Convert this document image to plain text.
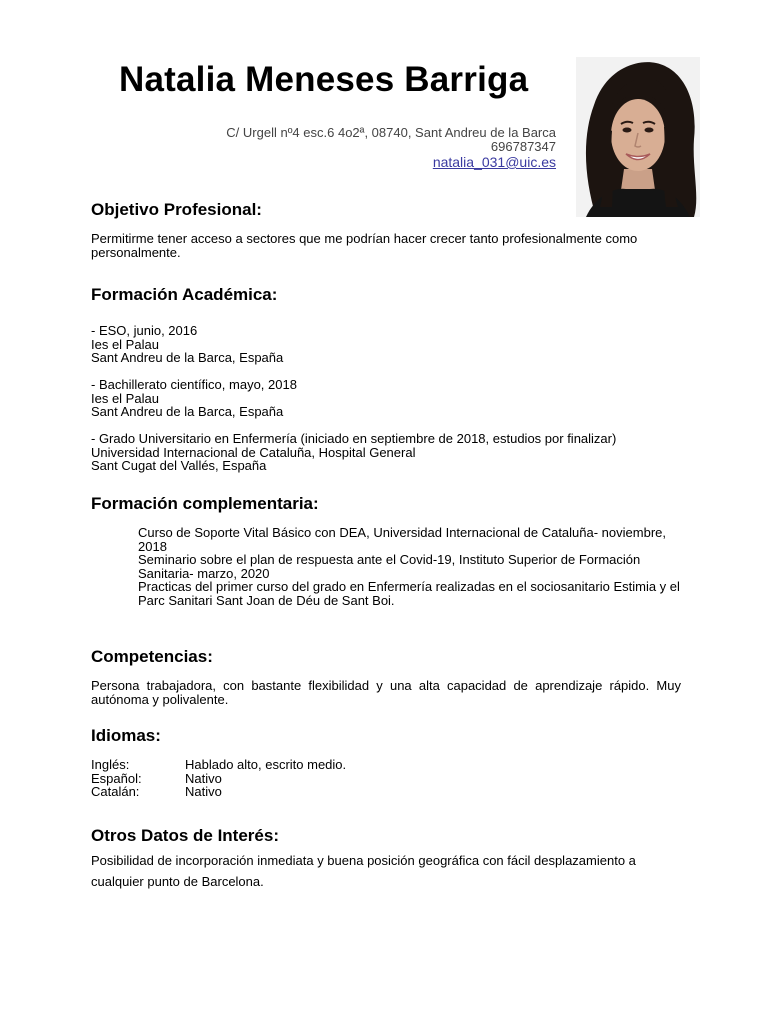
Natalia Meneses Barriga
C/ Urgell nº4 esc.6 4o2ª, 08740, Sant Andreu de la Barca
696787347
natalia_031@uic.es
Objetivo Profesional:
Permitirme tener acceso a sectores que me podrían hacer crecer tanto profesionalmente como personalmente.
Formación Académica:
- ESO, junio, 2016
Ies el Palau
Sant Andreu de la Barca, España
- Bachillerato científico, mayo, 2018
Ies el Palau
Sant Andreu de la Barca, España
- Grado Universitario en Enfermería (iniciado en septiembre de 2018, estudios por finalizar)
Universidad Internacional de Cataluña, Hospital General
Sant Cugat del Vallés, España
Formación complementaria:
Curso de Soporte Vital Básico con DEA, Universidad Internacional de Cataluña- noviembre, 2018
Seminario sobre el plan de respuesta ante el Covid-19, Instituto Superior de Formación Sanitaria- marzo, 2020
Practicas del primer curso del grado en Enfermería realizadas en el sociosanitario Estimia y el Parc Sanitari Sant Joan de Déu de Sant Boi.
Competencias:
Persona trabajadora, con bastante flexibilidad y una alta capacidad de aprendizaje rápido. Muy autónoma y polivalente.
Idiomas:
Inglés:	Hablado alto, escrito medio.
Español:	Nativo
Catalán:	Nativo
Otros Datos de Interés:
Posibilidad de incorporación inmediata y buena posición geográfica con fácil desplazamiento a cualquier punto de Barcelona.
